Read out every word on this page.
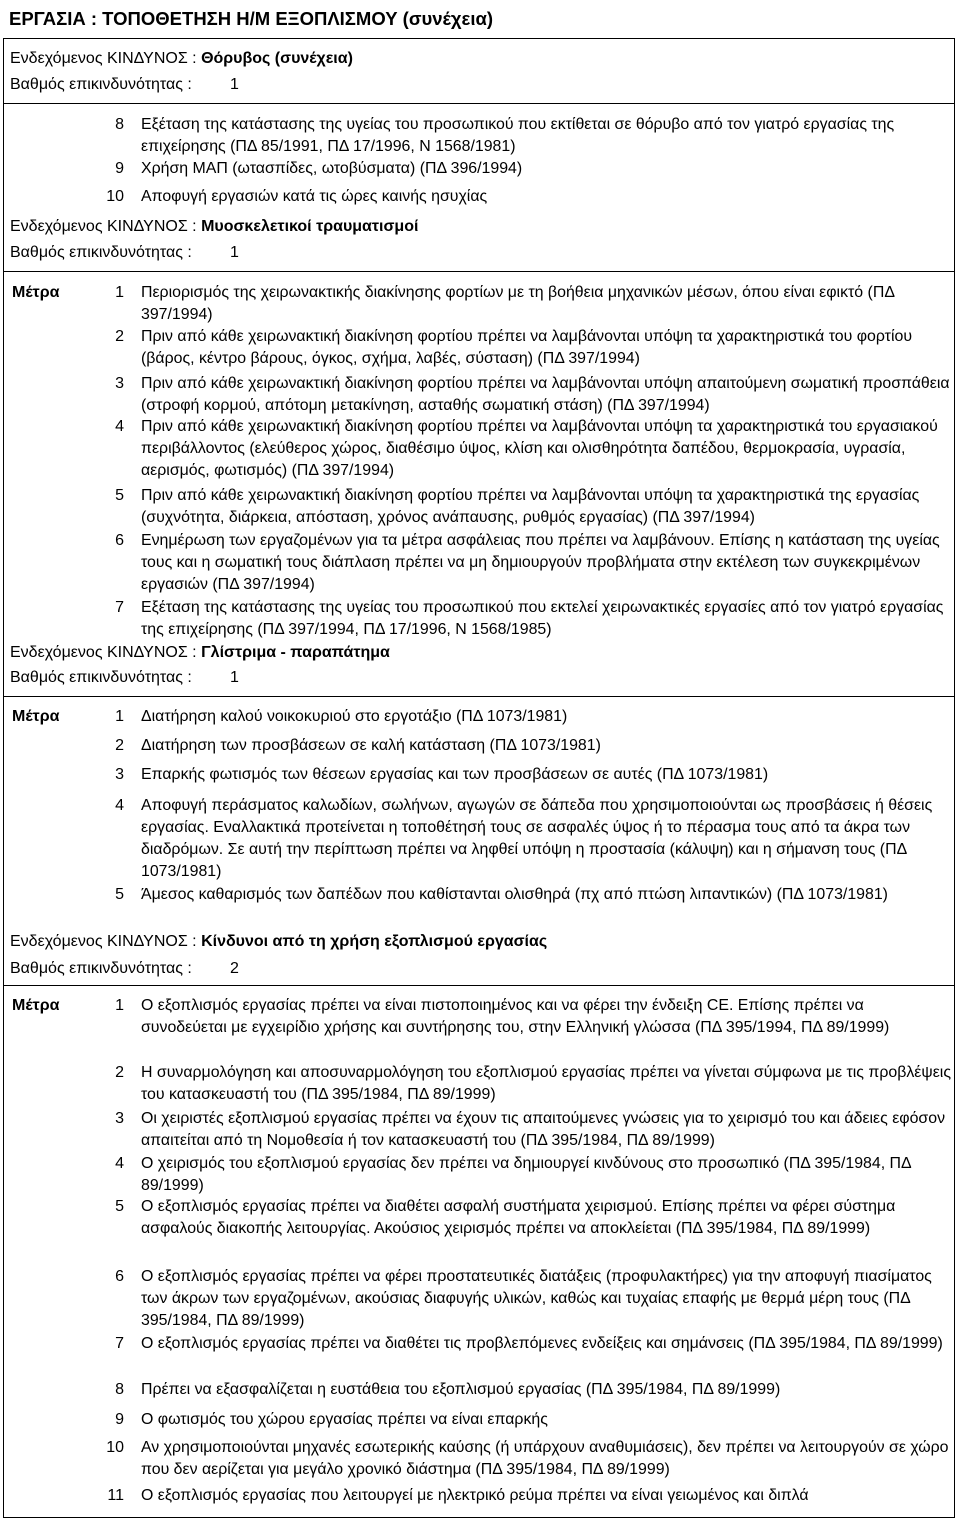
ΕΡΓΑΣΙΑ : ΤΟΠΟΘΕΤΗΣΗ Η/Μ ΕΞΟΠΛΙΣΜΟΥ (συνέχεια)
Ενδεχόμενος ΚΙΝΔΥΝΟΣ : Θόρυβος (συνέχεια)
Βαθμός επικινδυνότητας : 1
8 Εξέταση της κατάστασης της υγείας του προσωπικού που εκτίθεται σε θόρυβο από τον γιατρό εργασίας της επιχείρησης (ΠΔ 85/1991, ΠΔ 17/1996, Ν 1568/1981)
9 Χρήση ΜΑΠ (ωτασπίδες, ωτοβύσματα) (ΠΔ 396/1994)
10 Αποφυγή εργασιών κατά τις ώρες καινής ησυχίας
Ενδεχόμενος ΚΙΝΔΥΝΟΣ : Μυοσκελετικοί τραυματισμοί
Βαθμός επικινδυνότητας : 1
Μέτρα	1 Περιορισμός της χειρωνακτικής διακίνησης φορτίων με τη βοήθεια μηχανικών μέσων, όπου είναι εφικτό (ΠΔ 397/1994)
2 Πριν από κάθε χειρωνακτική διακίνηση φορτίου πρέπει να λαμβάνονται υπόψη τα χαρακτηριστικά του φορτίου (βάρος, κέντρο βάρους, όγκος, σχήμα, λαβές, σύσταση) (ΠΔ 397/1994)
3 Πριν από κάθε χειρωνακτική διακίνηση φορτίου πρέπει να λαμβάνονται υπόψη απαιτούμενη σωματική προσπάθεια (στροφή κορμού, απότομη μετακίνηση, ασταθής σωματική στάση) (ΠΔ 397/1994)
4 Πριν από κάθε χειρωνακτική διακίνηση φορτίου πρέπει να λαμβάνονται υπόψη τα χαρακτηριστικά του εργασιακού περιβάλλοντος (ελεύθερος χώρος, διαθέσιμο ύψος, κλίση και ολισθηρότητα δαπέδου, θερμοκρασία, υγρασία, αερισμός, φωτισμός) (ΠΔ 397/1994)
5 Πριν από κάθε χειρωνακτική διακίνηση φορτίου πρέπει να λαμβάνονται υπόψη τα χαρακτηριστικά της εργασίας (συχνότητα, διάρκεια, απόσταση, χρόνος ανάπαυσης, ρυθμός εργασίας) (ΠΔ 397/1994)
6 Ενημέρωση των εργαζομένων για τα μέτρα ασφάλειας που πρέπει να λαμβάνουν. Επίσης η κατάσταση της υγείας τους και η σωματική τους διάπλαση πρέπει να μη δημιουργούν προβλήματα στην εκτέλεση των συγκεκριμένων εργασιών (ΠΔ 397/1994)
7 Εξέταση της κατάστασης της υγείας του προσωπικού που εκτελεί χειρωνακτικές εργασίες από τον γιατρό εργασίας της επιχείρησης (ΠΔ 397/1994, ΠΔ 17/1996, Ν 1568/1985)
Ενδεχόμενος ΚΙΝΔΥΝΟΣ : Γλίστριμα - παραπάτημα
Βαθμός επικινδυνότητας : 1
Μέτρα	1 Διατήρηση καλού νοικοκυριού στο εργοτάξιο (ΠΔ 1073/1981)
2 Διατήρηση των προσβάσεων σε καλή κατάσταση (ΠΔ 1073/1981)
3 Επαρκής φωτισμός των θέσεων εργασίας και των προσβάσεων σε αυτές (ΠΔ 1073/1981)
4 Αποφυγή περάσματος καλωδίων, σωλήνων, αγωγών σε δάπεδα που χρησιμοποιούνται ως προσβάσεις ή θέσεις εργασίας. Εναλλακτικά προτείνεται η τοποθέτησή τους σε ασφαλές ύψος ή το πέρασμα τους από τα άκρα των διαδρόμων. Σε αυτή την περίπτωση πρέπει να ληφθεί υπόψη η προστασία (κάλυψη) και η σήμανση τους (ΠΔ 1073/1981)
5 Άμεσος καθαρισμός των δαπέδων που καθίστανται ολισθηρά (πχ από πτώση λιπαντικών) (ΠΔ 1073/1981)
Ενδεχόμενος ΚΙΝΔΥΝΟΣ : Κίνδυνοι από τη χρήση εξοπλισμού εργασίας
Βαθμός επικινδυνότητας : 2
Μέτρα	1 Ο εξοπλισμός εργασίας πρέπει να είναι πιστοποιημένος και να φέρει την ένδειξη CE. Επίσης πρέπει να συνοδεύεται με εγχειρίδιο χρήσης και συντήρησης του, στην Ελληνική γλώσσα (ΠΔ 395/1994, ΠΔ 89/1999)
2 Η συναρμολόγηση και αποσυναρμολόγηση του εξοπλισμού εργασίας πρέπει να γίνεται σύμφωνα με τις προβλέψεις του κατασκευαστή του (ΠΔ 395/1984, ΠΔ 89/1999)
3 Οι χειριστές εξοπλισμού εργασίας πρέπει να έχουν τις απαιτούμενες γνώσεις για το χειρισμό του και άδειες εφόσον απαιτείται από τη Νομοθεσία ή τον κατασκευαστή του (ΠΔ 395/1984, ΠΔ 89/1999)
4 Ο χειρισμός του εξοπλισμού εργασίας δεν πρέπει να δημιουργεί κινδύνους στο προσωπικό (ΠΔ 395/1984, ΠΔ 89/1999)
5 Ο εξοπλισμός εργασίας πρέπει να διαθέτει ασφαλή συστήματα χειρισμού. Επίσης πρέπει να φέρει σύστημα ασφαλούς διακοπής λειτουργίας. Ακούσιος χειρισμός πρέπει να αποκλείεται (ΠΔ 395/1984, ΠΔ 89/1999)
6 Ο εξοπλισμός εργασίας πρέπει να φέρει προστατευτικές διατάξεις (προφυλακτήρες) για την αποφυγή πιασίματος των άκρων των εργαζομένων, ακούσιας διαφυγής υλικών, καθώς και τυχαίας επαφής με θερμά μέρη τους (ΠΔ 395/1984, ΠΔ 89/1999)
7 Ο εξοπλισμός εργασίας πρέπει να διαθέτει τις προβλεπόμενες ενδείξεις και σημάνσεις (ΠΔ 395/1984, ΠΔ 89/1999)
8 Πρέπει να εξασφαλίζεται η ευστάθεια του εξοπλισμού εργασίας (ΠΔ 395/1984, ΠΔ 89/1999)
9 Ο φωτισμός του χώρου εργασίας πρέπει να είναι επαρκής
10 Αν χρησιμοποιούνται μηχανές εσωτερικής καύσης (ή υπάρχουν αναθυμιάσεις), δεν πρέπει να λειτουργούν σε χώρο που δεν αερίζεται για μεγάλο χρονικό διάστημα (ΠΔ 395/1984, ΠΔ 89/1999)
11 Ο εξοπλισμός εργασίας που λειτουργεί με ηλεκτρικό ρεύμα πρέπει να είναι γειωμένος και διπλά
